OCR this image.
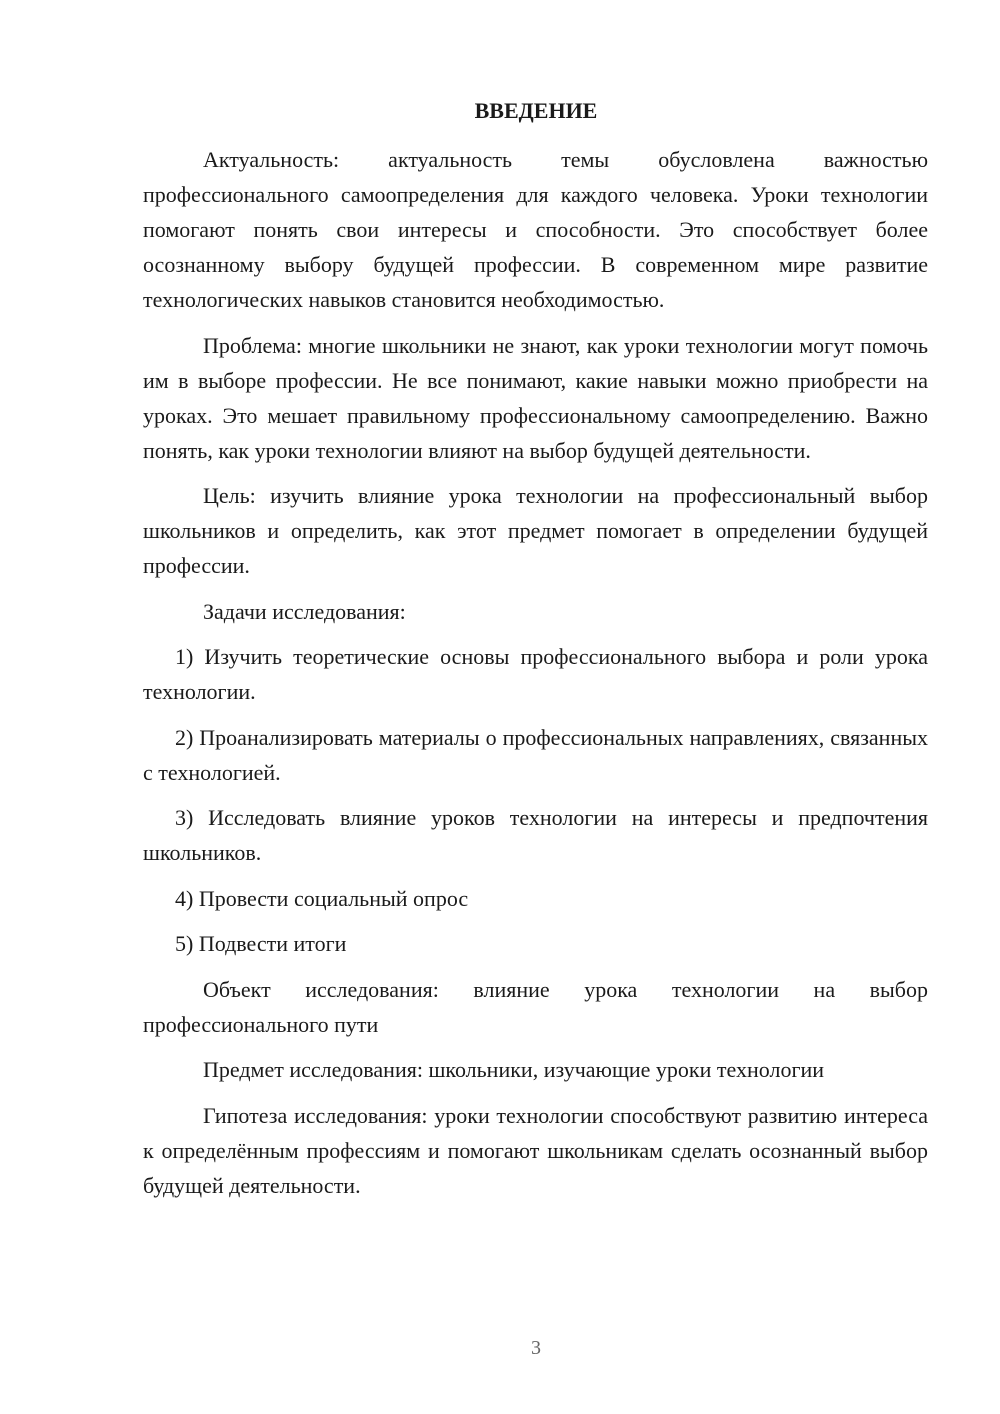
ВВЕДЕНИЕ

Актуальность: актуальность темы обусловлена важностью профессионального самоопределения для каждого человека. Уроки технологии помогают понять свои интересы и способности. Это способствует более осознанному выбору будущей профессии. В современном мире развитие технологических навыков становится необходимостью.

Проблема: многие школьники не знают, как уроки технологии могут помочь им в выборе профессии. Не все понимают, какие навыки можно приобрести на уроках. Это мешает правильному профессиональному самоопределению. Важно понять, как уроки технологии влияют на выбор будущей деятельности.

Цель: изучить влияние урока технологии на профессиональный выбор школьников и определить, как этот предмет помогает в определении будущей профессии.

Задачи исследования:

1) Изучить теоретические основы профессионального выбора и роли урока технологии.

2) Проанализировать материалы о профессиональных направлениях, связанных с технологией.

3) Исследовать влияние уроков технологии на интересы и предпочтения школьников.

4) Провести социальный опрос

5) Подвести итоги

Объект исследования: влияние урока технологии на выбор профессионального пути

Предмет исследования: школьники, изучающие уроки технологии

Гипотеза исследования: уроки технологии способствуют развитию интереса к определённым профессиям и помогают школьникам сделать осознанный выбор будущей деятельности.

3
